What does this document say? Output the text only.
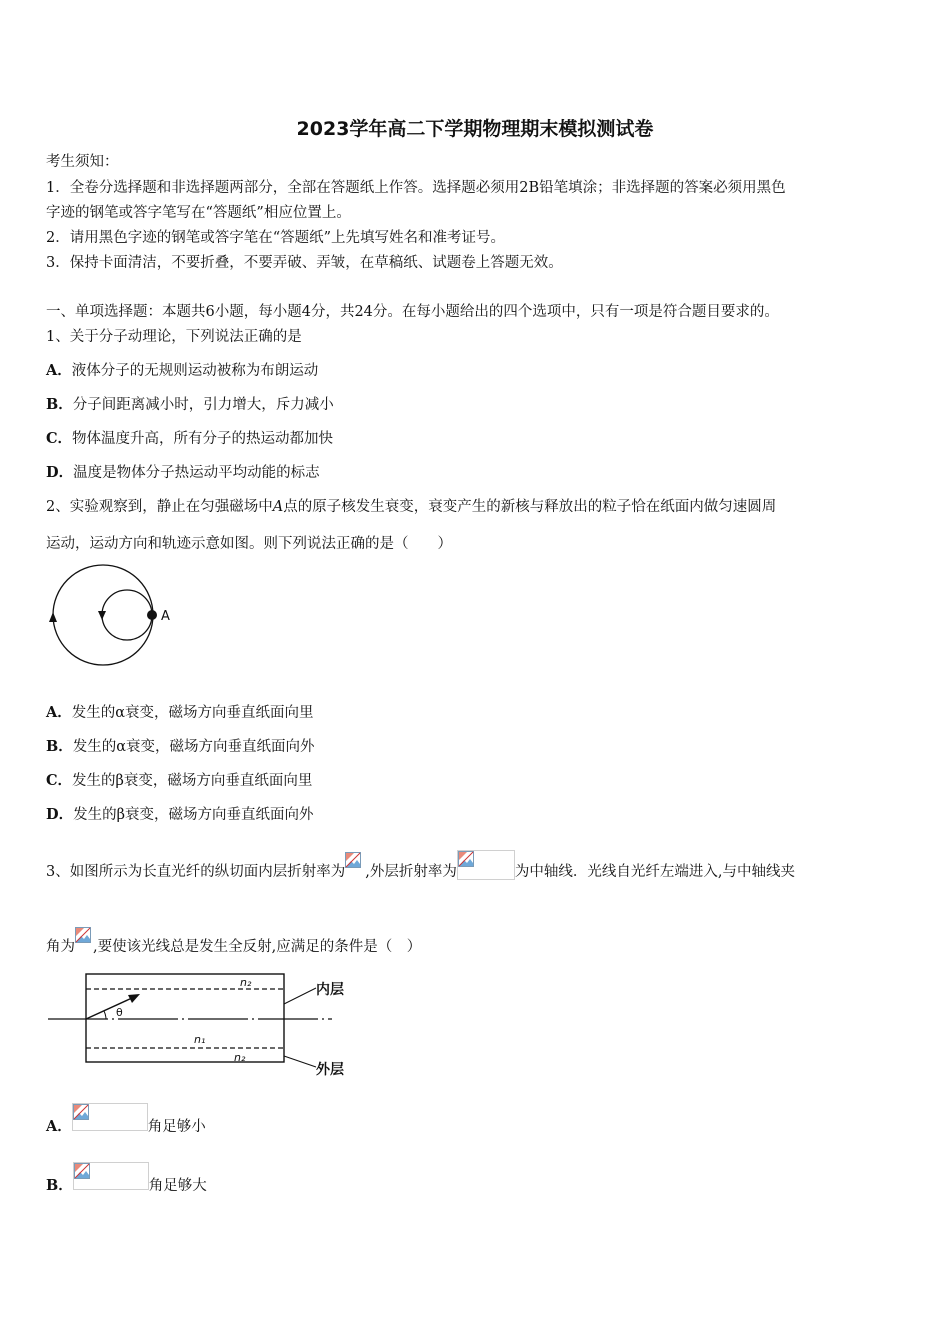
2023学年高二下学期物理期末模拟测试卷
考生须知：
1．全卷分选择题和非选择题两部分，全部在答题纸上作答。选择题必须用2B铅笔填涂；非选择题的答案必须用黑色
字迹的钢笔或答字笔写在“答题纸”相应位置上。
2．请用黑色字迹的钢笔或答字笔在“答题纸”上先填写姓名和准考证号。
3．保持卡面清洁，不要折叠，不要弄破、弄皱，在草稿纸、试题卷上答题无效。
一、单项选择题：本题共6小题，每小题4分，共24分。在每小题给出的四个选项中，只有一项是符合题目要求的。
1、关于分子动理论，下列说法正确的是
A．液体分子的无规则运动被称为布朗运动
B．分子间距离减小时，引力增大，斥力减小
C．物体温度升高，所有分子的热运动都加快
D．温度是物体分子热运动平均动能的标志
2、实验观察到，静止在匀强磁场中A点的原子核发生衰变，衰变产生的新核与释放出的粒子恰在纸面内做匀速圆周
运动，运动方向和轨迹示意如图。则下列说法正确的是（　　）
A
A．发生的α衰变，磁场方向垂直纸面向里
B．发生的α衰变，磁场方向垂直纸面向外
C．发生的β衰变，磁场方向垂直纸面向里
D．发生的β衰变，磁场方向垂直纸面向外
3、如图所示为长直光纤的纵切面内层折射率为 ,外层折射率为	为中轴线．光线自光纤左端进入,与中轴线夹
角为 ,要使该光线总是发生全反射,应满足的条件是（　）
θ
n₂
n₁
n₂
内层
外层
A．	角足够小
B．	角足够大
